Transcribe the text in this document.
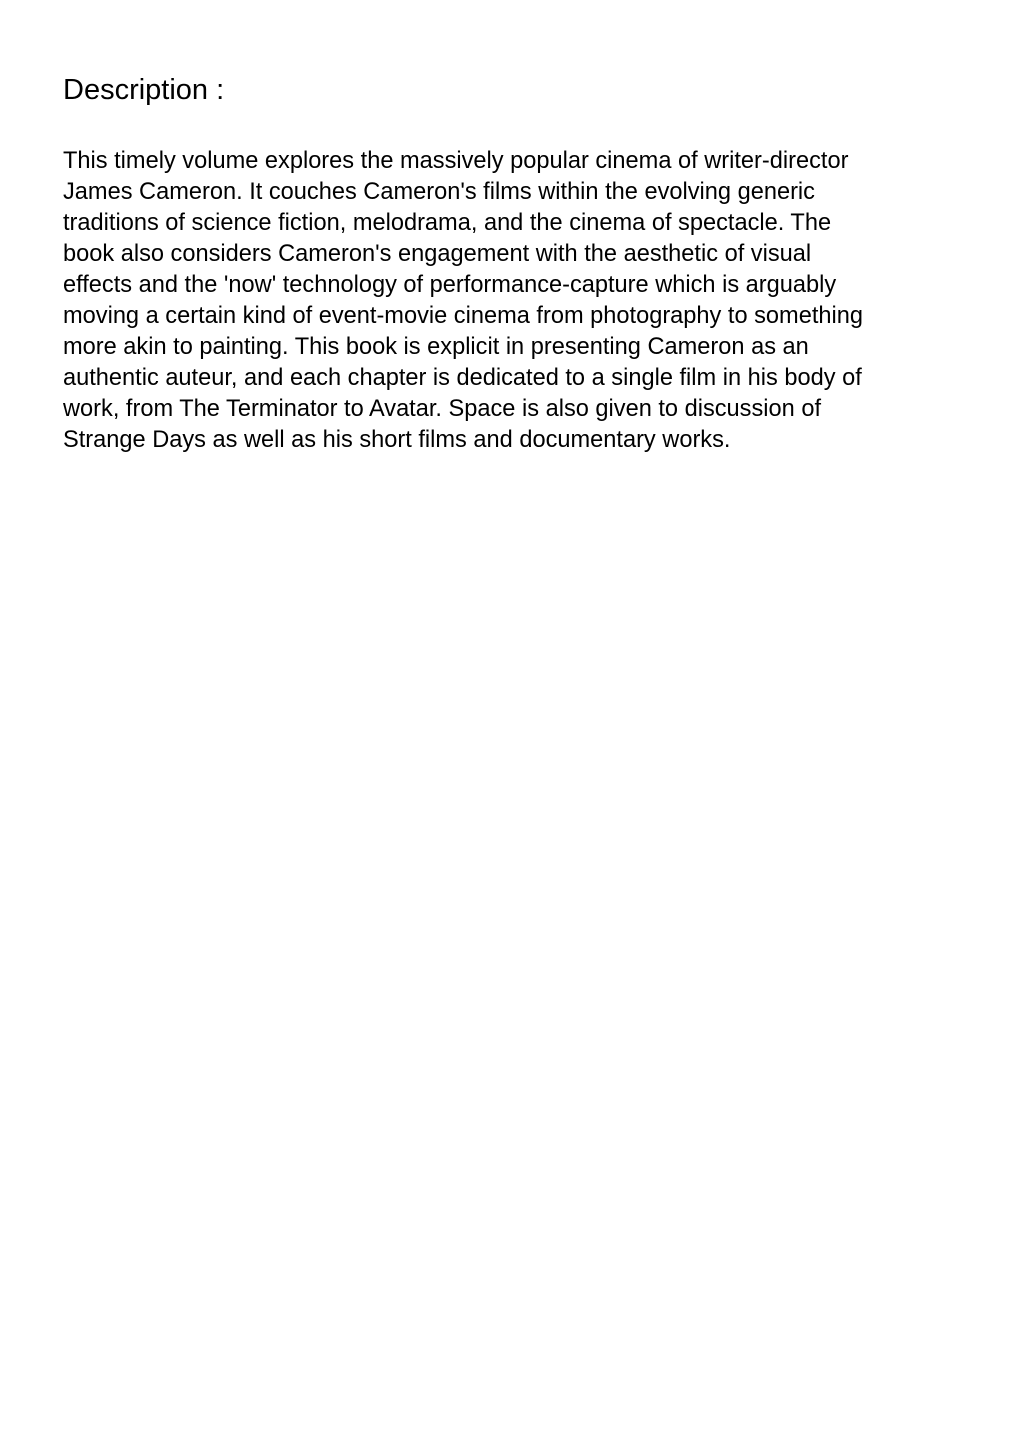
Description :

This timely volume explores the massively popular cinema of writer-director
James Cameron. It couches Cameron's films within the evolving generic
traditions of science fiction, melodrama, and the cinema of spectacle. The
book also considers Cameron's engagement with the aesthetic of visual
effects and the 'now' technology of performance-capture which is arguably
moving a certain kind of event-movie cinema from photography to something
more akin to painting. This book is explicit in presenting Cameron as an
authentic auteur, and each chapter is dedicated to a single film in his body of
work, from The Terminator to Avatar. Space is also given to discussion of
Strange Days as well as his short films and documentary works.
